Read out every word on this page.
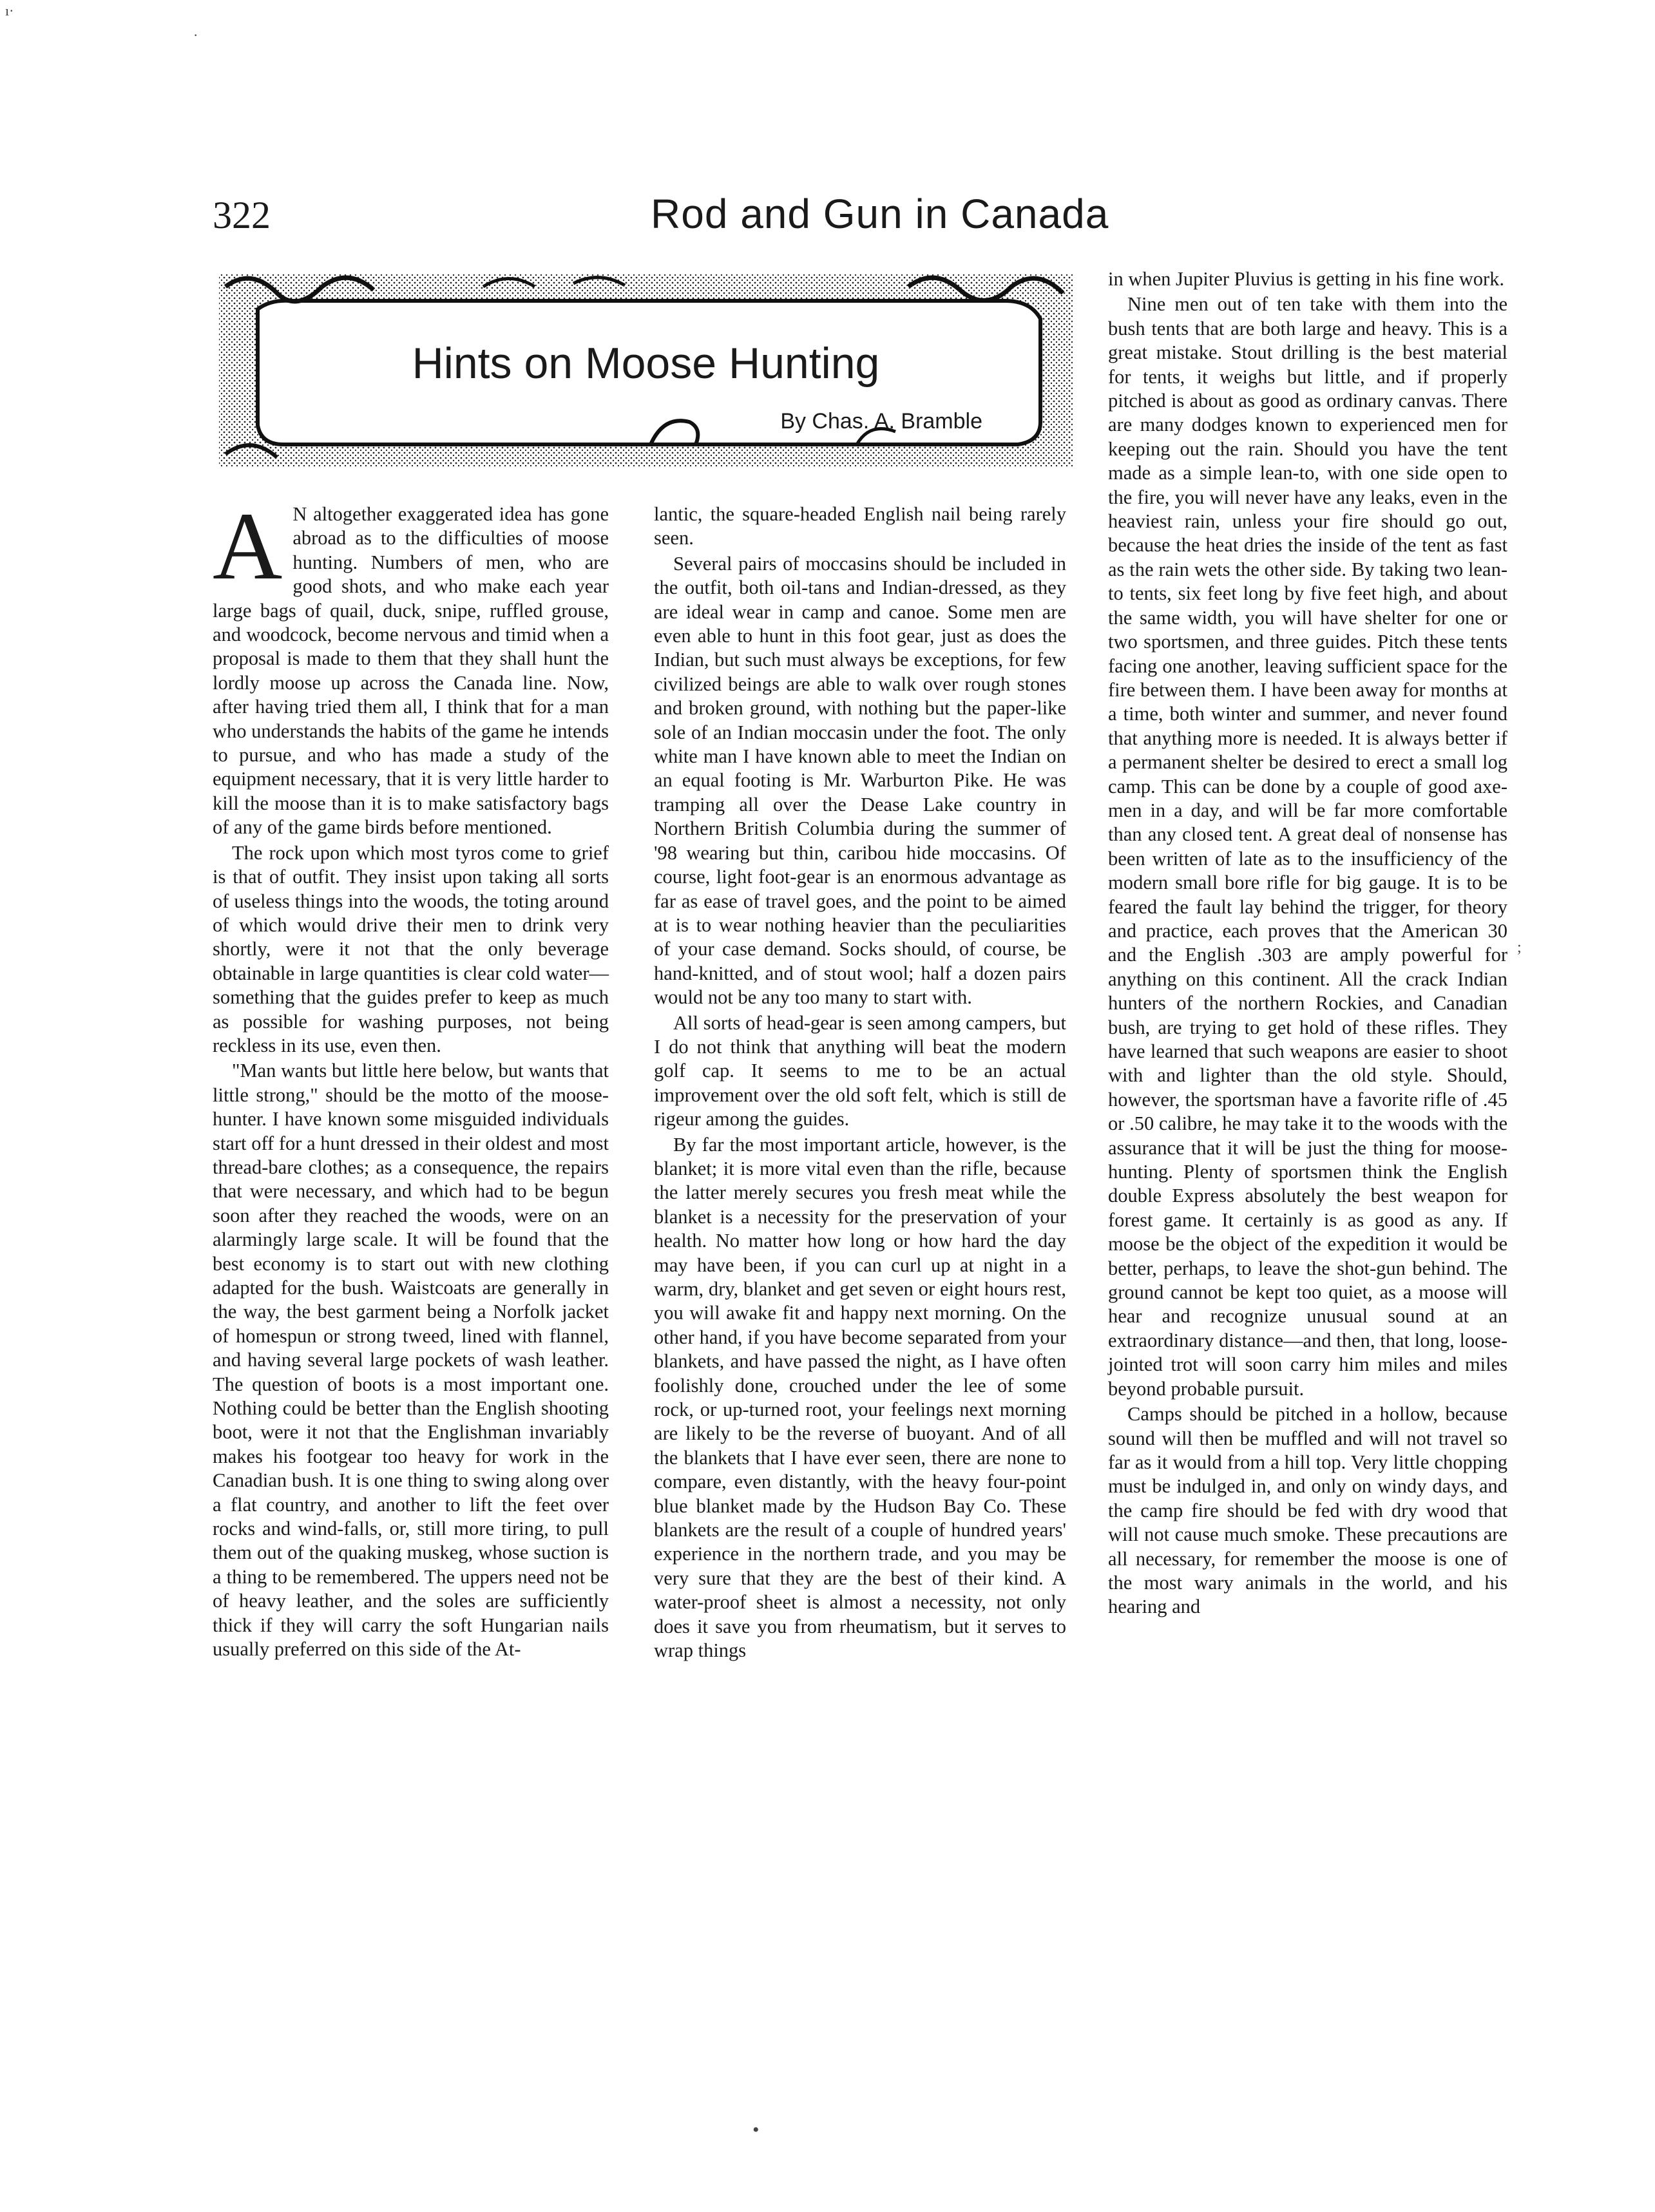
ı·
·
322	Rod and Gun in Canada
Hints on Moose Hunting
By Chas. A. Bramble

A N altogether exaggerated idea has gone abroad as to the difficulties of moose hunting. Numbers of men, who are good shots, and who make each year large bags of quail, duck, snipe, ruffled grouse, and woodcock, become nervous and timid when a proposal is made to them that they shall hunt the lordly moose up across the Canada line. Now, after having tried them all, I think that for a man who understands the habits of the game he intends to pursue, and who has made a study of the equipment necessary, that it is very little harder to kill the moose than it is to make satisfactory bags of any of the game birds before mentioned.

The rock upon which most tyros come to grief is that of outfit. They insist upon taking all sorts of useless things into the woods, the toting around of which would drive their men to drink very shortly, were it not that the only beverage obtainable in large quantities is clear cold water—something that the guides prefer to keep as much as possible for washing purposes, not being reckless in its use, even then.

"Man wants but little here below, but wants that little strong," should be the motto of the moose-hunter. I have known some misguided individuals start off for a hunt dressed in their oldest and most thread-bare clothes; as a consequence, the repairs that were necessary, and which had to be begun soon after they reached the woods, were on an alarmingly large scale. It will be found that the best economy is to start out with new clothing adapted for the bush. Waistcoats are generally in the way, the best garment being a Norfolk jacket of homespun or strong tweed, lined with flannel, and having several large pockets of wash leather. The question of boots is a most important one. Nothing could be better than the English shooting boot, were it not that the Englishman invariably makes his footgear too heavy for work in the Canadian bush. It is one thing to swing along over a flat country, and another to lift the feet over rocks and wind-falls, or, still more tiring, to pull them out of the quaking muskeg, whose suction is a thing to be remembered. The uppers need not be of heavy leather, and the soles are sufficiently thick if they will carry the soft Hungarian nails usually preferred on this side of the At-

lantic, the square-headed English nail being rarely seen.

Several pairs of moccasins should be included in the outfit, both oil-tans and Indian-dressed, as they are ideal wear in camp and canoe. Some men are even able to hunt in this foot gear, just as does the Indian, but such must always be exceptions, for few civilized beings are able to walk over rough stones and broken ground, with nothing but the paper-like sole of an Indian moccasin under the foot. The only white man I have known able to meet the Indian on an equal footing is Mr. Warburton Pike. He was tramping all over the Dease Lake country in Northern British Columbia during the summer of '98 wearing but thin, caribou hide moccasins. Of course, light foot-gear is an enormous advantage as far as ease of travel goes, and the point to be aimed at is to wear nothing heavier than the peculiarities of your case demand. Socks should, of course, be hand-knitted, and of stout wool; half a dozen pairs would not be any too many to start with.

All sorts of head-gear is seen among campers, but I do not think that anything will beat the modern golf cap. It seems to me to be an actual improvement over the old soft felt, which is still de rigeur among the guides.

By far the most important article, however, is the blanket; it is more vital even than the rifle, because the latter merely secures you fresh meat while the blanket is a necessity for the preservation of your health. No matter how long or how hard the day may have been, if you can curl up at night in a warm, dry, blanket and get seven or eight hours rest, you will awake fit and happy next morning. On the other hand, if you have become separated from your blankets, and have passed the night, as I have often foolishly done, crouched under the lee of some rock, or up-turned root, your feelings next morning are likely to be the reverse of buoyant. And of all the blankets that I have ever seen, there are none to compare, even distantly, with the heavy four-point blue blanket made by the Hudson Bay Co. These blankets are the result of a couple of hundred years' experience in the northern trade, and you may be very sure that they are the best of their kind. A water-proof sheet is almost a necessity, not only does it save you from rheumatism, but it serves to wrap things

in when Jupiter Pluvius is getting in his fine work.

Nine men out of ten take with them into the bush tents that are both large and heavy. This is a great mistake. Stout drilling is the best material for tents, it weighs but little, and if properly pitched is about as good as ordinary canvas. There are many dodges known to experienced men for keeping out the rain. Should you have the tent made as a simple lean-to, with one side open to the fire, you will never have any leaks, even in the heaviest rain, unless your fire should go out, because the heat dries the inside of the tent as fast as the rain wets the other side. By taking two lean-to tents, six feet long by five feet high, and about the same width, you will have shelter for one or two sportsmen, and three guides. Pitch these tents facing one another, leaving sufficient space for the fire between them. I have been away for months at a time, both winter and summer, and never found that anything more is needed. It is always better if a permanent shelter be desired to erect a small log camp. This can be done by a couple of good axe-men in a day, and will be far more comfortable than any closed tent. A great deal of nonsense has been written of late as to the insufficiency of the modern small bore rifle for big gauge. It is to be feared the fault lay behind the trigger, for theory and practice, each proves that the American 30 and the English .303 are amply powerful for anything on this continent. All the crack Indian hunters of the northern Rockies, and Canadian bush, are trying to get hold of these rifles. They have learned that such weapons are easier to shoot with and lighter than the old style. Should, however, the sportsman have a favorite rifle of .45 or .50 calibre, he may take it to the woods with the assurance that it will be just the thing for moose-hunting. Plenty of sportsmen think the English double Express absolutely the best weapon for forest game. It certainly is as good as any. If moose be the object of the expedition it would be better, perhaps, to leave the shot-gun behind. The ground cannot be kept too quiet, as a moose will hear and recognize unusual sound at an extraordinary distance—and then, that long, loose-jointed trot will soon carry him miles and miles beyond probable pursuit.

Camps should be pitched in a hollow, because sound will then be muffled and will not travel so far as it would from a hill top. Very little chopping must be indulged in, and only on windy days, and the camp fire should be fed with dry wood that will not cause much smoke. These precautions are all necessary, for remember the moose is one of the most wary animals in the world, and his hearing and

;
•
